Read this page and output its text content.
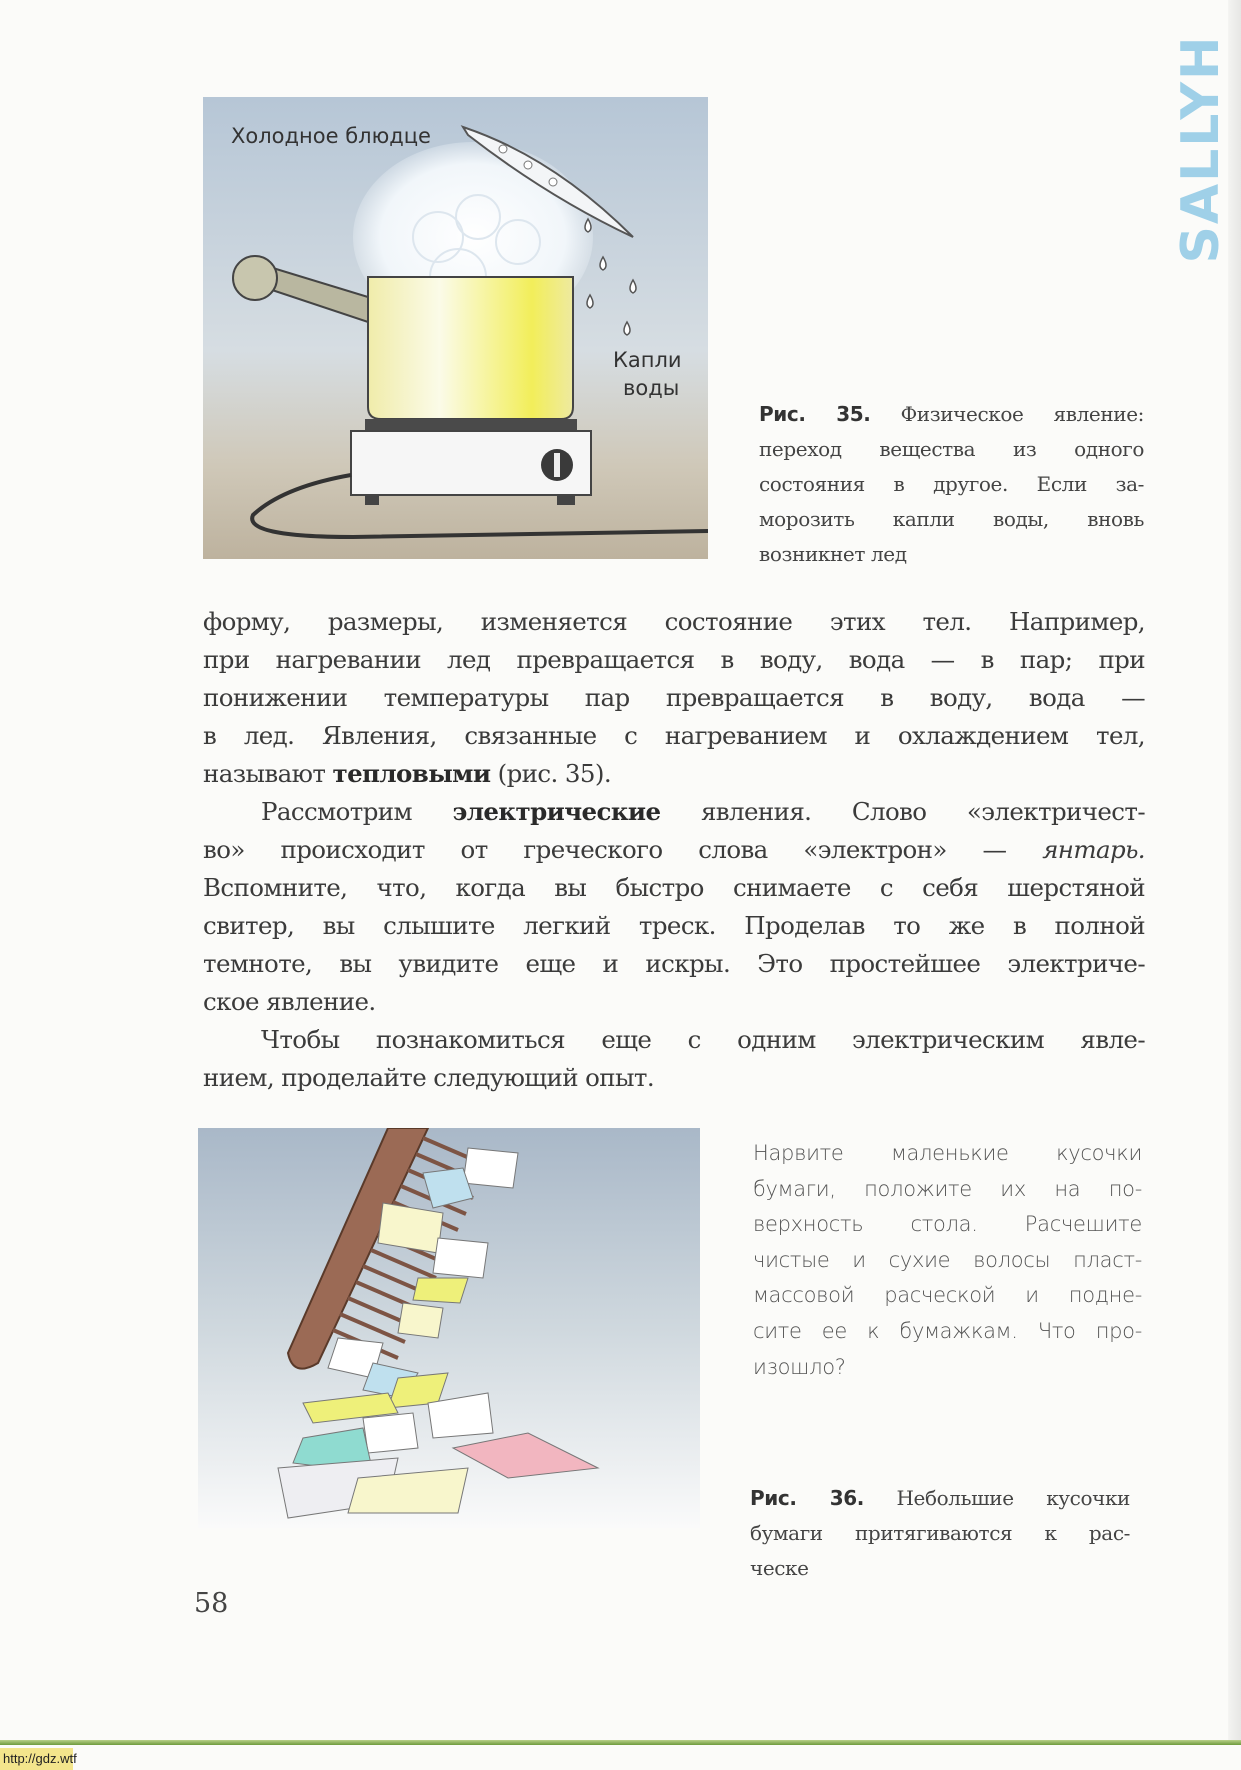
SALLYH
Холодное блюдце
Капли
воды
Рис. 35. Физическое явление:
переход вещества из одного
состояния в другое. Если за-
морозить капли воды, вновь
возникнет лед
форму, размеры, изменяется состояние этих тел. Например,
при нагревании лед превращается в воду, вода — в пар; при
понижении температуры пар превращается в воду, вода —
в лед. Явления, связанные с нагреванием и охлаждением тел,
называют тепловыми (рис. 35).
Рассмотрим электрические явления. Слово «электричест-
во» происходит от греческого слова «электрон» — янтарь.
Вспомните, что, когда вы быстро снимаете с себя шерстяной
свитер, вы слышите легкий треск. Проделав то же в полной
темноте, вы увидите еще и искры. Это простейшее электриче-
ское явление.
Чтобы познакомиться еще с одним электрическим явле-
нием, проделайте следующий опыт.
Нарвите маленькие кусочки
бумаги, положите их на по-
верхность стола. Расчешите
чистые и сухие волосы пласт-
массовой расческой и подне-
сите ее к бумажкам. Что про-
изошло?
Рис. 36. Небольшие кусочки
бумаги притягиваются к рас-
ческе
58
http://gdz.wtf
